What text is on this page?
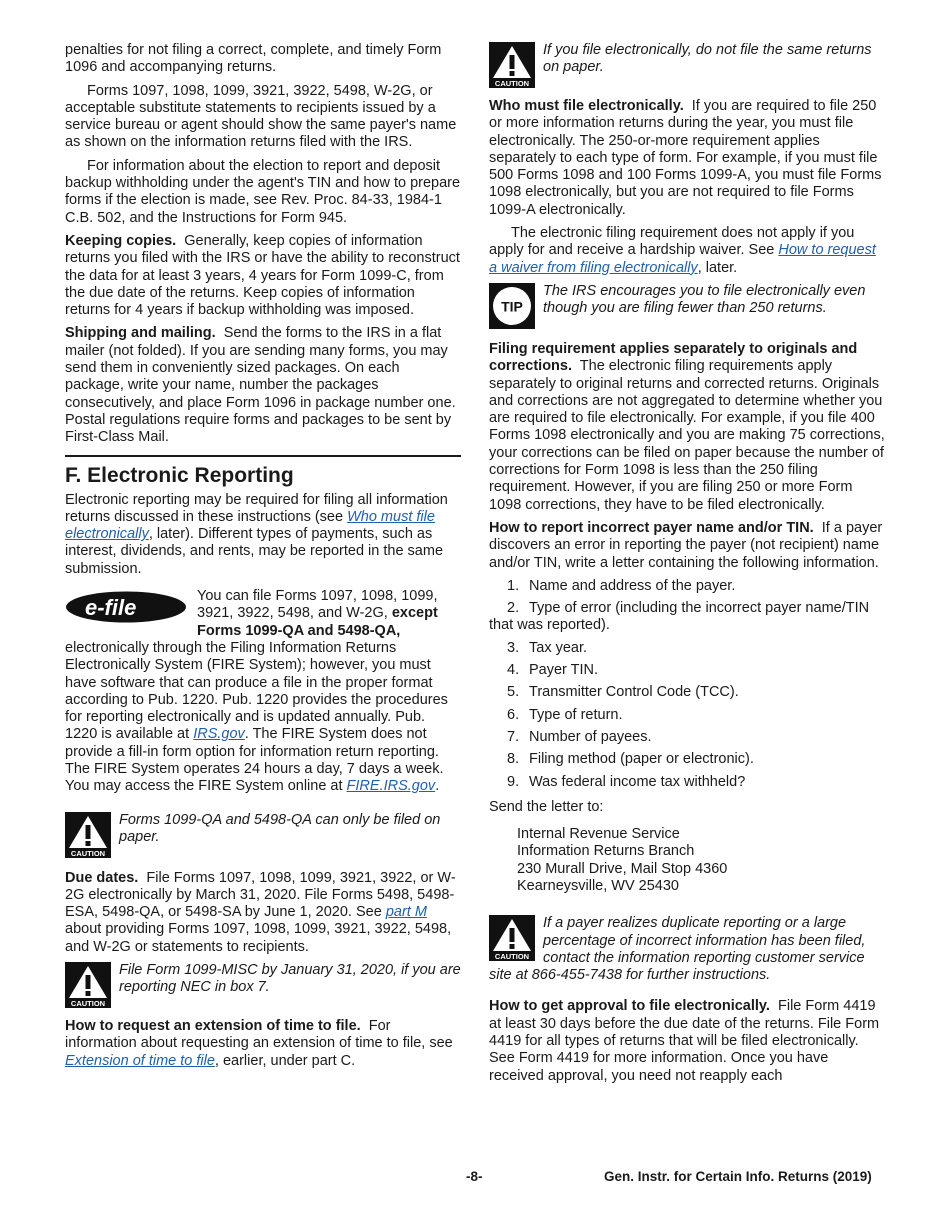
penalties for not filing a correct, complete, and timely Form 1096 and accompanying returns.

Forms 1097, 1098, 1099, 3921, 3922, 5498, W-2G, or acceptable substitute statements to recipients issued by a service bureau or agent should show the same payer's name as shown on the information returns filed with the IRS.

For information about the election to report and deposit backup withholding under the agent's TIN and how to prepare forms if the election is made, see Rev. Proc. 84-33, 1984-1 C.B. 502, and the Instructions for Form 945.

Keeping copies. Generally, keep copies of information returns you filed with the IRS or have the ability to reconstruct the data for at least 3 years, 4 years for Form 1099-C, from the due date of the returns. Keep copies of information returns for 4 years if backup withholding was imposed.

Shipping and mailing. Send the forms to the IRS in a flat mailer (not folded). If you are sending many forms, you may send them in conveniently sized packages. On each package, write your name, number the packages consecutively, and place Form 1096 in package number one. Postal regulations require forms and packages to be sent by First-Class Mail.

F. Electronic Reporting

Electronic reporting may be required for filing all information returns discussed in these instructions (see Who must file electronically, later). Different types of payments, such as interest, dividends, and rents, may be reported in the same submission.

e-file	You can file Forms 1097, 1098, 1099, 3921, 3922, 5498, and W-2G, except Forms 1099-QA and 5498-QA, electronically through the Filing Information Returns Electronically System (FIRE System); however, you must have software that can produce a file in the proper format according to Pub. 1220. Pub. 1220 provides the procedures for reporting electronically and is updated annually. Pub. 1220 is available at IRS.gov. The FIRE System does not provide a fill-in form option for information return reporting. The FIRE System operates 24 hours a day, 7 days a week. You may access the FIRE System online at FIRE.IRS.gov.
CAUTION
Forms 1099-QA and 5498-QA can only be filed on paper.

Due dates. File Forms 1097, 1098, 1099, 3921, 3922, or W-2G electronically by March 31, 2020. File Forms 5498, 5498-ESA, 5498-QA, or 5498-SA by June 1, 2020. See part M about providing Forms 1097, 1098, 1099, 3921, 3922, 5498, and W-2G or statements to recipients.

CAUTION
File Form 1099-MISC by January 31, 2020, if you are reporting NEC in box 7.

How to request an extension of time to file. For information about requesting an extension of time to file, see Extension of time to file, earlier, under part C.

CAUTION
If you file electronically, do not file the same returns on paper.

Who must file electronically. If you are required to file 250 or more information returns during the year, you must file electronically. The 250-or-more requirement applies separately to each type of form. For example, if you must file 500 Forms 1098 and 100 Forms 1099-A, you must file Forms 1098 electronically, but you are not required to file Forms 1099-A electronically.

The electronic filing requirement does not apply if you apply for and receive a hardship waiver. See How to request a waiver from filing electronically, later.

TIP
The IRS encourages you to file electronically even though you are filing fewer than 250 returns.

Filing requirement applies separately to originals and corrections. The electronic filing requirements apply separately to original returns and corrected returns. Originals and corrections are not aggregated to determine whether you are required to file electronically. For example, if you file 400 Forms 1098 electronically and you are making 75 corrections, your corrections can be filed on paper because the number of corrections for Form 1098 is less than the 250 filing requirement. However, if you are filing 250 or more Form 1098 corrections, they have to be filed electronically.

How to report incorrect payer name and/or TIN. If a payer discovers an error in reporting the payer (not recipient) name and/or TIN, write a letter containing the following information.

1. Name and address of the payer.
2. Type of error (including the incorrect payer name/TIN that was reported).
3. Tax year.
4. Payer TIN.
5. Transmitter Control Code (TCC).
6. Type of return.
7. Number of payees.
8. Filing method (paper or electronic).
9. Was federal income tax withheld?

Send the letter to:

Internal Revenue Service
Information Returns Branch
230 Murall Drive, Mail Stop 4360
Kearneysville, WV 25430
CAUTION
If a payer realizes duplicate reporting or a large percentage of incorrect information has been filed, contact the information reporting customer service site at 866-455-7438 for further instructions.

How to get approval to file electronically. File Form 4419 at least 30 days before the due date of the returns. File Form 4419 for all types of returns that will be filed electronically. See Form 4419 for more information. Once you have received approval, you need not reapply each

-8-	Gen. Instr. for Certain Info. Returns (2019)
